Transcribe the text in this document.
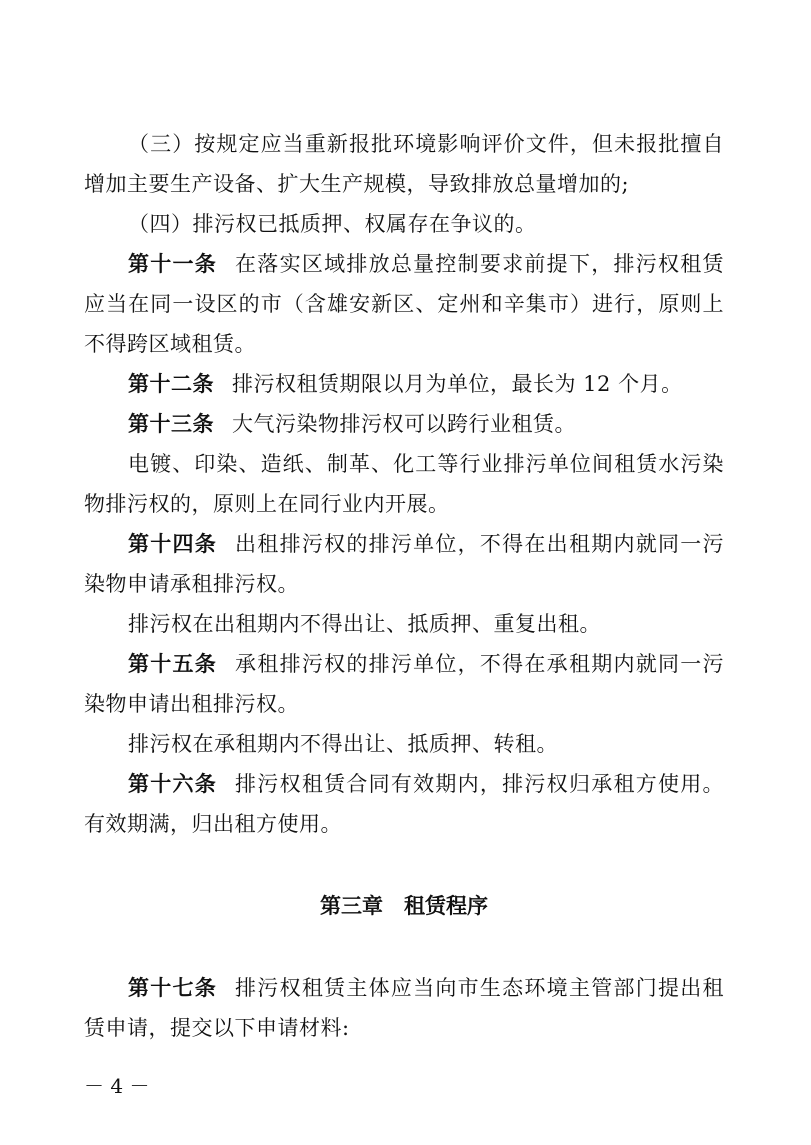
（三）按规定应当重新报批环境影响评价文件，但未报批擅自增加主要生产设备、扩大生产规模，导致排放总量增加的;

（四）排污权已抵质押、权属存在争议的。

第十一条 在落实区域排放总量控制要求前提下，排污权租赁应当在同一设区的市（含雄安新区、定州和辛集市）进行，原则上不得跨区域租赁。

第十二条 排污权租赁期限以月为单位，最长为 12 个月。

第十三条 大气污染物排污权可以跨行业租赁。

电镀、印染、造纸、制革、化工等行业排污单位间租赁水污染物排污权的，原则上在同行业内开展。

第十四条 出租排污权的排污单位，不得在出租期内就同一污染物申请承租排污权。

排污权在出租期内不得出让、抵质押、重复出租。

第十五条 承租排污权的排污单位，不得在承租期内就同一污染物申请出租排污权。

排污权在承租期内不得出让、抵质押、转租。

第十六条 排污权租赁合同有效期内，排污权归承租方使用。有效期满，归出租方使用。

第三章　租赁程序

第十七条 排污权租赁主体应当向市生态环境主管部门提出租赁申请，提交以下申请材料:

－ 4 －
